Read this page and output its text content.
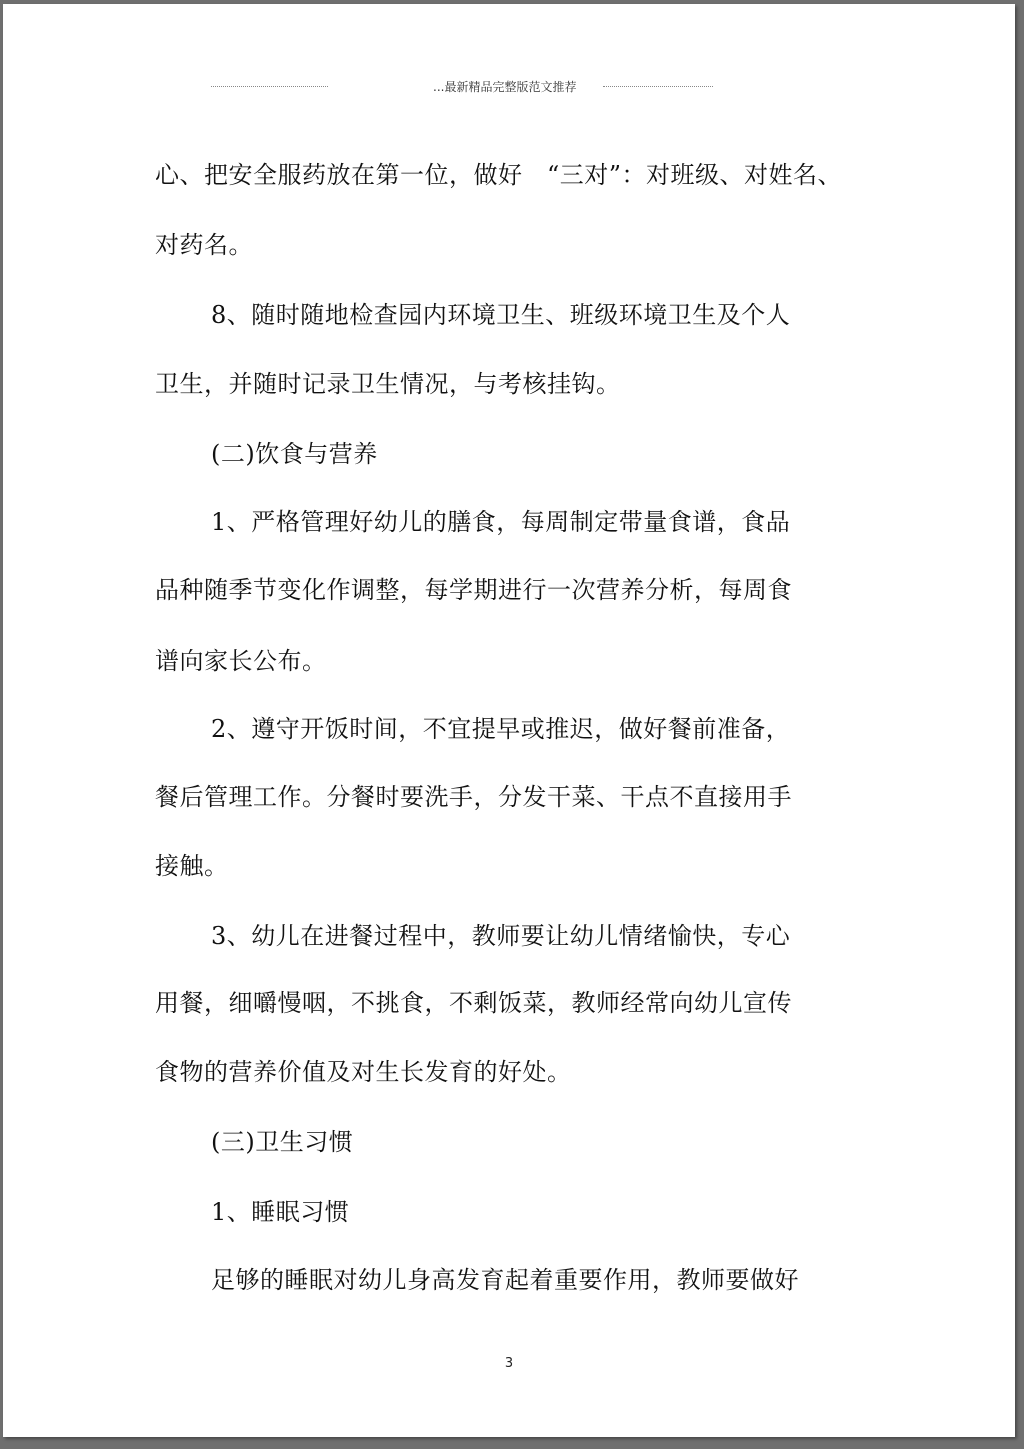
...最新精品完整版范文推荐
心、把安全服药放在第一位，做好　“三对”：对班级、对姓名、
对药名。
8、随时随地检查园内环境卫生、班级环境卫生及个人
卫生，并随时记录卫生情况，与考核挂钩。
(二)饮食与营养
1、严格管理好幼儿的膳食，每周制定带量食谱，食品
品种随季节变化作调整，每学期进行一次营养分析，每周食
谱向家长公布。
2、遵守开饭时间，不宜提早或推迟，做好餐前准备，
餐后管理工作。分餐时要洗手，分发干菜、干点不直接用手
接触。
3、幼儿在进餐过程中，教师要让幼儿情绪愉快，专心
用餐，细嚼慢咽，不挑食，不剩饭菜，教师经常向幼儿宣传
食物的营养价值及对生长发育的好处。
(三)卫生习惯
1、睡眠习惯
足够的睡眠对幼儿身高发育起着重要作用，教师要做好
3
